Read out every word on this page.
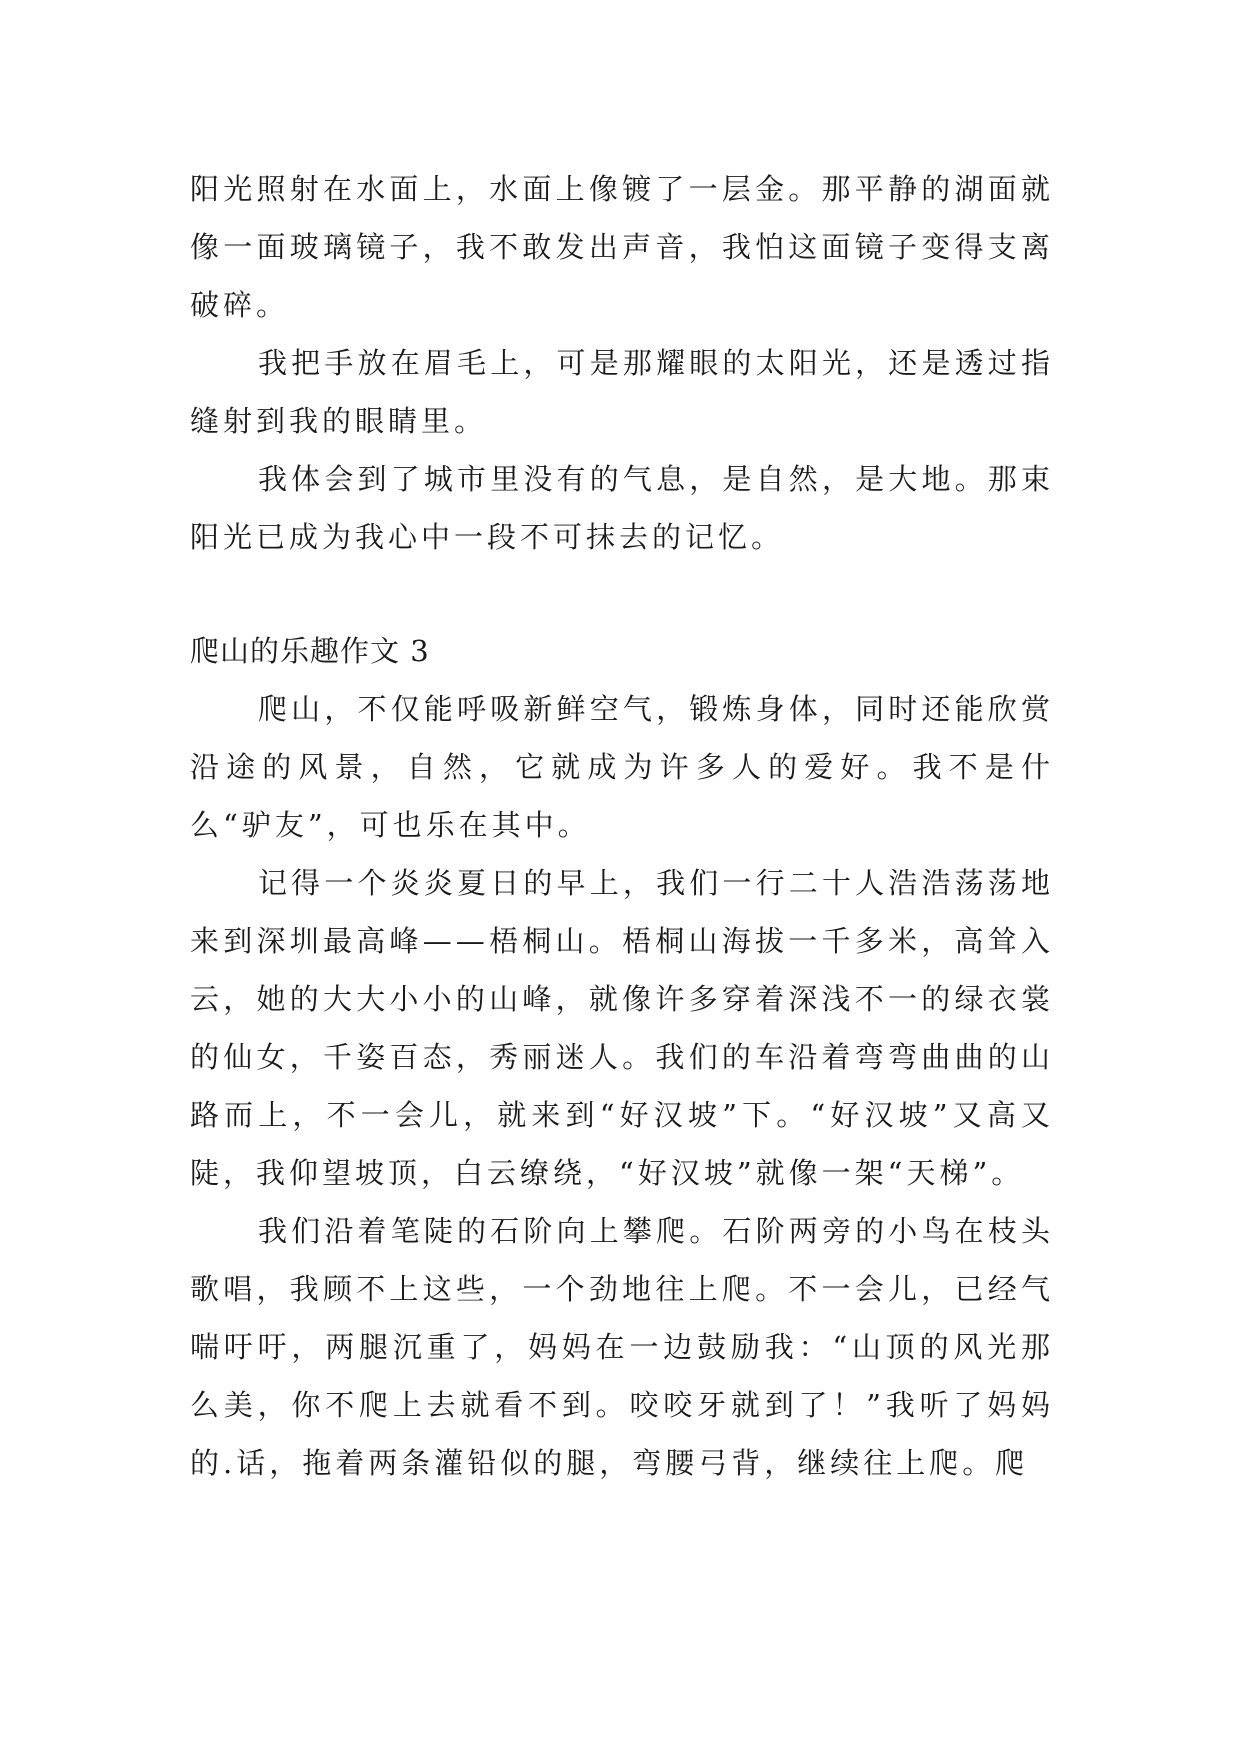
阳光照射在水面上，水面上像镀了一层金。那平静的湖面就像一面玻璃镜子，我不敢发出声音，我怕这面镜子变得支离破碎。

我把手放在眉毛上，可是那耀眼的太阳光，还是透过指缝射到我的眼睛里。

我体会到了城市里没有的气息，是自然，是大地。那束阳光已成为我心中一段不可抹去的记忆。

爬山的乐趣作文 3

爬山，不仅能呼吸新鲜空气，锻炼身体，同时还能欣赏沿途的风景，自然，它就成为许多人的爱好。我不是什么“驴友”，可也乐在其中。

记得一个炎炎夏日的早上，我们一行二十人浩浩荡荡地来到深圳最高峰——梧桐山。梧桐山海拔一千多米，高耸入云，她的大大小小的山峰，就像许多穿着深浅不一的绿衣裳的仙女，千姿百态，秀丽迷人。我们的车沿着弯弯曲曲的山路而上，不一会儿，就来到“好汉坡”下。“好汉坡”又高又陡，我仰望坡顶，白云缭绕，“好汉坡”就像一架“天梯”。

我们沿着笔陡的石阶向上攀爬。石阶两旁的小鸟在枝头歌唱，我顾不上这些，一个劲地往上爬。不一会儿，已经气喘吁吁，两腿沉重了，妈妈在一边鼓励我：“山顶的风光那么美，你不爬上去就看不到。咬咬牙就到了！”我听了妈妈的.话，拖着两条灌铅似的腿，弯腰弓背，继续往上爬。爬
